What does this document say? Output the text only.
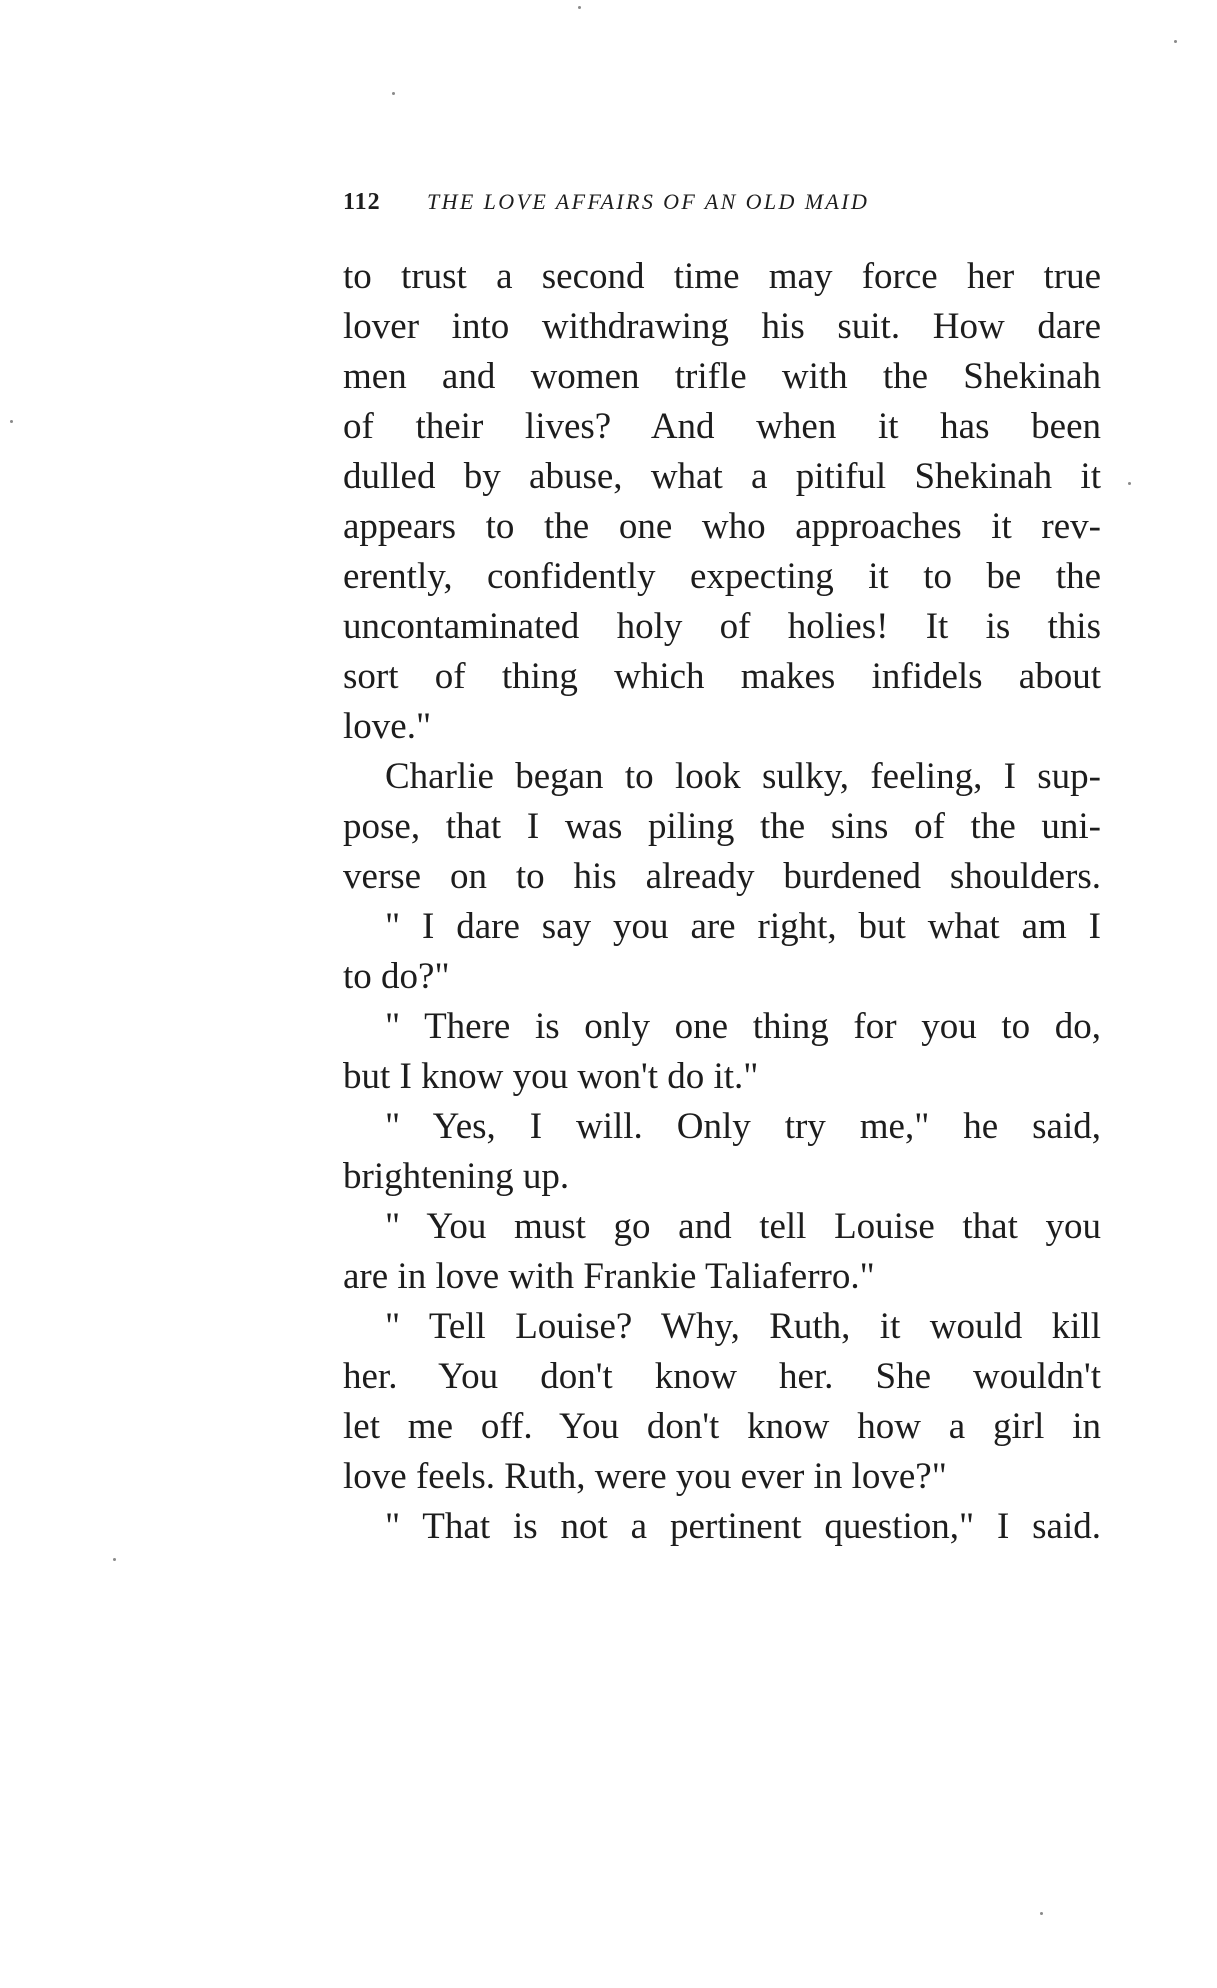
112 THE LOVE AFFAIRS OF AN OLD MAID
to trust a second time may force her true
lover into withdrawing his suit. How dare
men and women trifle with the Shekinah
of their lives? And when it has been
dulled by abuse, what a pitiful Shekinah it
appears to the one who approaches it rev-
erently, confidently expecting it to be the
uncontaminated holy of holies! It is this
sort of thing which makes infidels about
love."
Charlie began to look sulky, feeling, I sup-
pose, that I was piling the sins of the uni-
verse on to his already burdened shoulders.
" I dare say you are right, but what am I
to do?"
" There is only one thing for you to do,
but I know you won't do it."
" Yes, I will. Only try me," he said,
brightening up.
" You must go and tell Louise that you
are in love with Frankie Taliaferro."
" Tell Louise? Why, Ruth, it would kill
her. You don't know her. She wouldn't
let me off. You don't know how a girl in
love feels. Ruth, were you ever in love?"
" That is not a pertinent question," I said.
